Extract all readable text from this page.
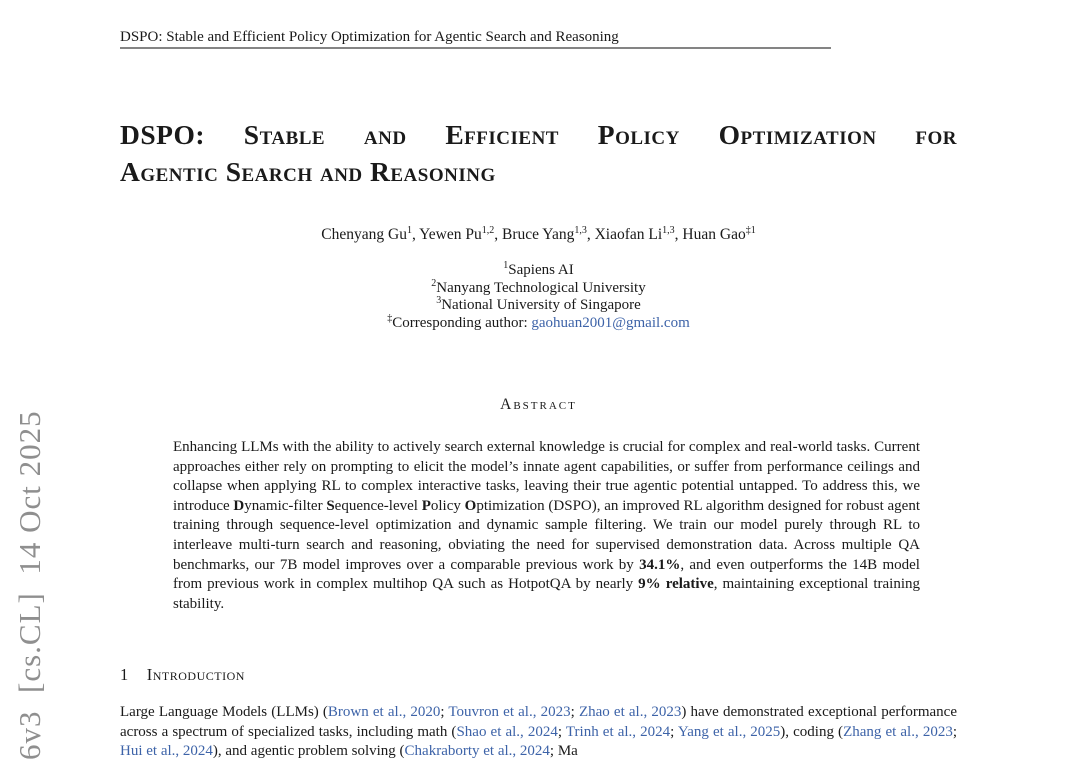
6v3  [cs.CL]  14 Oct 2025
DSPO: Stable and Efficient Policy Optimization for Agentic Search and Reasoning
DSPO: Stable and Efficient Policy Optimization for
Agentic Search and Reasoning
Chenyang Gu$^1$, Yewen Pu$^{1,2}$, Bruce Yang$^{1,3}$, Xiaofan Li$^{1,3}$, Huan Gao$^{\ddagger 1}$
$^1$Sapiens AI
$^2$Nanyang Technological University
$^3$National University of Singapore
‡Corresponding author: gaohuan2001@gmail.com
Abstract
Enhancing LLMs with the ability to actively search external knowledge is crucial for complex and real-world tasks. Current approaches either rely on prompting to elicit the model’s innate agent capabilities, or suffer from performance ceilings and collapse when applying RL to complex interactive tasks, leaving their true agentic potential untapped. To address this, we introduce Dynamic-filter Sequence-level Policy Optimization (DSPO), an improved RL algorithm designed for robust agent training through sequence-level optimization and dynamic sample filtering. We train our model purely through RL to interleave multi-turn search and reasoning, obviating the need for supervised demonstration data. Across multiple QA benchmarks, our 7B model improves over a comparable previous work by 34.1%, and even outperforms the 14B model from previous work in complex multihop QA such as HotpotQA by nearly 9% relative, maintaining exceptional training stability.
1 Introduction
Large Language Models (LLMs) (Brown et al., 2020; Touvron et al., 2023; Zhao et al., 2023) have demonstrated exceptional performance across a spectrum of specialized tasks, including math (Shao et al., 2024; Trinh et al., 2024; Yang et al., 2025), coding (Zhang et al., 2023; Hui et al., 2024), and agentic problem solving (Chakraborty et al., 2024; Ma
